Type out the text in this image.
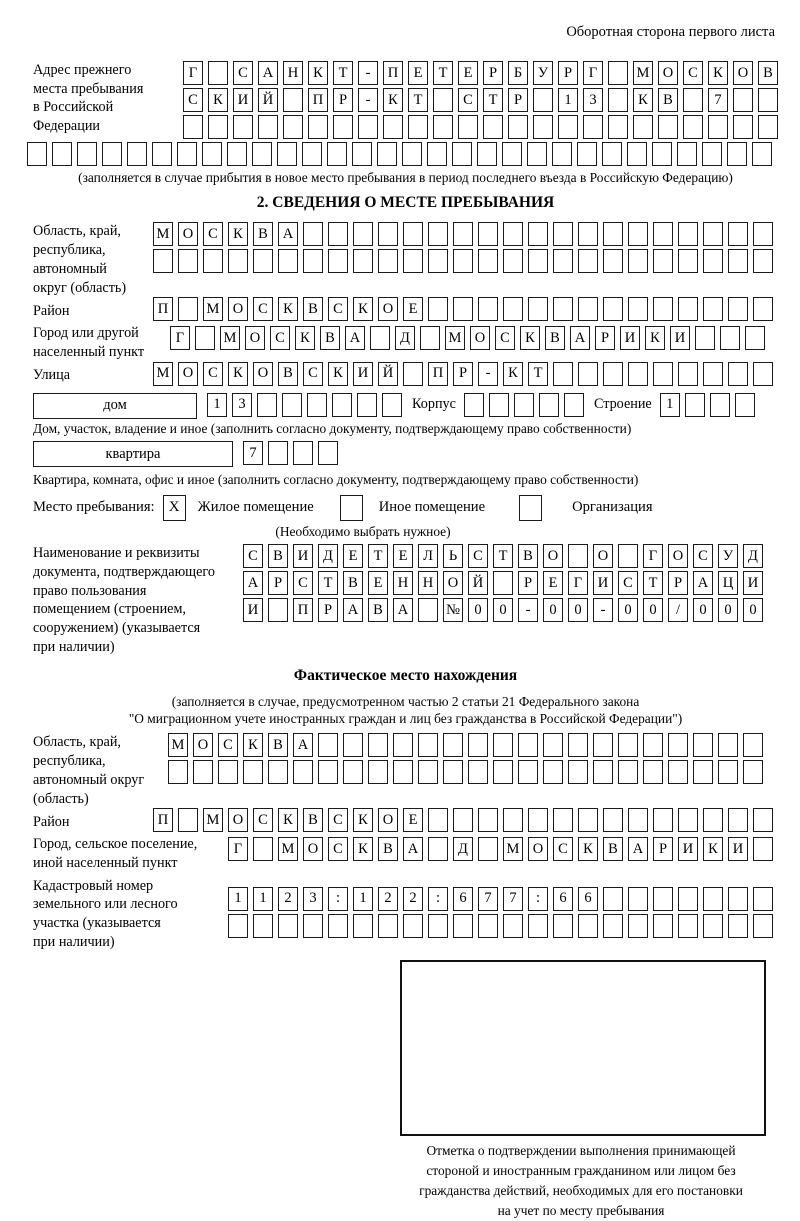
Оборотная сторона первого листа
Адрес прежнего
места пребывания
в Российской
Федерации
Г	С	А	Н	К	Т	-	П	Е	Т	Е	Р	Б	У	Р	Г	М О	С	К	О	В
С	К	И	Й	П	Р	-	К	Т	С	Т	Р	1	3	К	В	7
(заполняется в случае прибытия в новое место пребывания в период последнего въезда в Российскую Федерацию)
2. СВЕДЕНИЯ О МЕСТЕ ПРЕБЫВАНИЯ
Область, край,
республика,
автономный
округ (область)
М О	С	К	В	А
Район	П	М О	С	К	В	С	К	О	Е
Город или другой
населенный пункт
Г	М О	С	К	В	А	Д	М О	С	К	В	А	Р	И	К	И
Улица	М О	С	К	О	В	С	К	И	Й	П	Р	-	К	Т
дом	1	3	Корпус	Строение 1
Дом, участок, владение и иное (заполнить согласно документу, подтверждающему право собственности)
квартира	7
Квартира, комната, офис и иное (заполнить согласно документу, подтверждающему право собственности)
Место пребывания: X	Жилое помещение	Иное помещение	Организация
(Необходимо выбрать нужное)
Наименование и реквизиты
документа, подтверждающего
право пользования
помещением (строением,
сооружением) (указывается
при наличии)
С	В	И	Д	Е	Т	Е	Л	Ь	С	Т	В	О	О	Г	О	С	У	Д
А	Р	С	Т	В	Е	Н	Н	О	Й	Р	Е	Г	И	С	Т	Р	А	Ц	И
И	П	Р	А	В	А	№ 0	0	-	0	0	-	0	0	/	0	0	0
Фактическое место нахождения
(заполняется в случае, предусмотренном частью 2 статьи 21 Федерального закона
"О миграционном учете иностранных граждан и лиц без гражданства в Российской Федерации")
Область, край,
республика,
автономный округ
(область)
М О	С	К	В	А
Район	П	М О	С	К	В	С	К	О	Е
Город, сельское поселение,
иной населенный пункт
Г	М О	С	К	В	А	Д	М О	С	К	В	А	Р	И	К	И
Кадастровый номер
земельного или лесного
участка (указывается
при наличии)
1	1	2	3	:	1	2	2	:	6	7	7	:	6	6
Отметка о подтверждении выполнения принимающей
стороной и иностранным гражданином или лицом без
гражданства действий, необходимых для его постановки
на учет по месту пребывания
